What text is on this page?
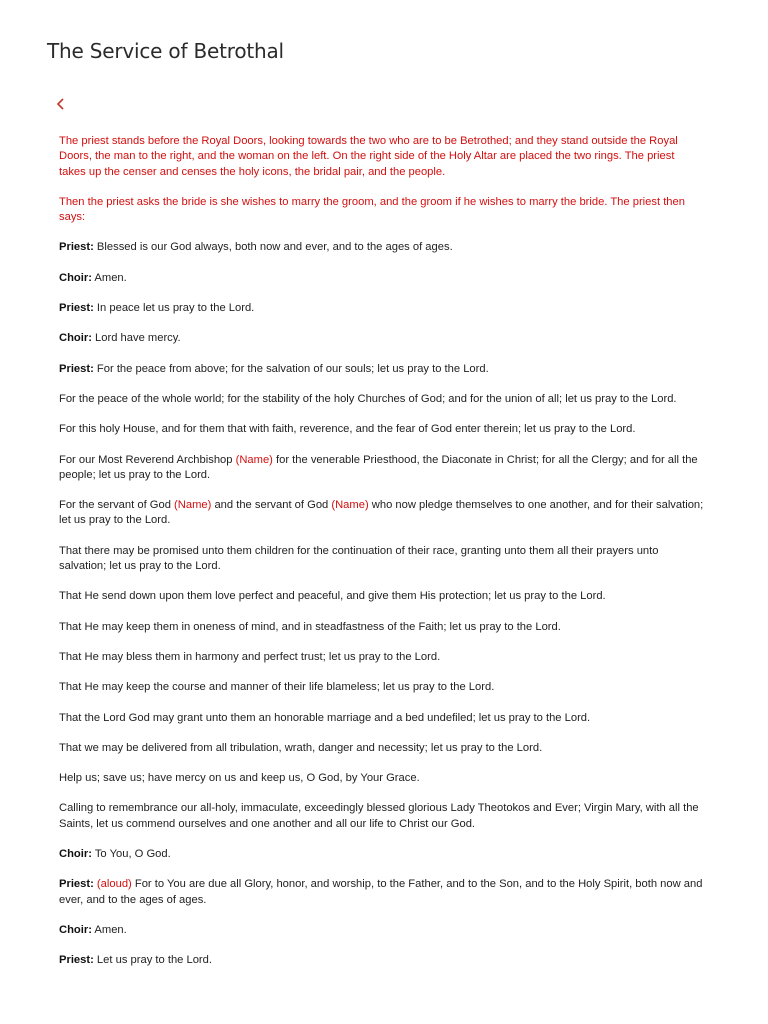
The Service of Betrothal

The priest stands before the Royal Doors, looking towards the two who are to be Betrothed; and they stand outside the Royal Doors, the man to the right, and the woman on the left. On the right side of the Holy Altar are placed the two rings. The priest takes up the censer and censes the holy icons, the bridal pair, and the people.

Then the priest asks the bride is she wishes to marry the groom, and the groom if he wishes to marry the bride. The priest then says:

Priest: Blessed is our God always, both now and ever, and to the ages of ages.

Choir: Amen.

Priest: In peace let us pray to the Lord.

Choir: Lord have mercy.

Priest: For the peace from above; for the salvation of our souls; let us pray to the Lord.

For the peace of the whole world; for the stability of the holy Churches of God; and for the union of all; let us pray to the Lord.

For this holy House, and for them that with faith, reverence, and the fear of God enter therein; let us pray to the Lord.

For our Most Reverend Archbishop (Name) for the venerable Priesthood, the Diaconate in Christ; for all the Clergy; and for all the people; let us pray to the Lord.

For the servant of God (Name) and the servant of God (Name) who now pledge themselves to one another, and for their salvation; let us pray to the Lord.

That there may be promised unto them children for the continuation of their race, granting unto them all their prayers unto salvation; let us pray to the Lord.

That He send down upon them love perfect and peaceful, and give them His protection; let us pray to the Lord.

That He may keep them in oneness of mind, and in steadfastness of the Faith; let us pray to the Lord.

That He may bless them in harmony and perfect trust; let us pray to the Lord.

That He may keep the course and manner of their life blameless; let us pray to the Lord.

That the Lord God may grant unto them an honorable marriage and a bed undefiled; let us pray to the Lord.

That we may be delivered from all tribulation, wrath, danger and necessity; let us pray to the Lord.

Help us; save us; have mercy on us and keep us, O God, by Your Grace.

Calling to remembrance our all-holy, immaculate, exceedingly blessed glorious Lady Theotokos and Ever; Virgin Mary, with all the Saints, let us commend ourselves and one another and all our life to Christ our God.

Choir: To You, O God.

Priest: (aloud) For to You are due all Glory, honor, and worship, to the Father, and to the Son, and to the Holy Spirit, both now and ever, and to the ages of ages.

Choir: Amen.

Priest: Let us pray to the Lord.
